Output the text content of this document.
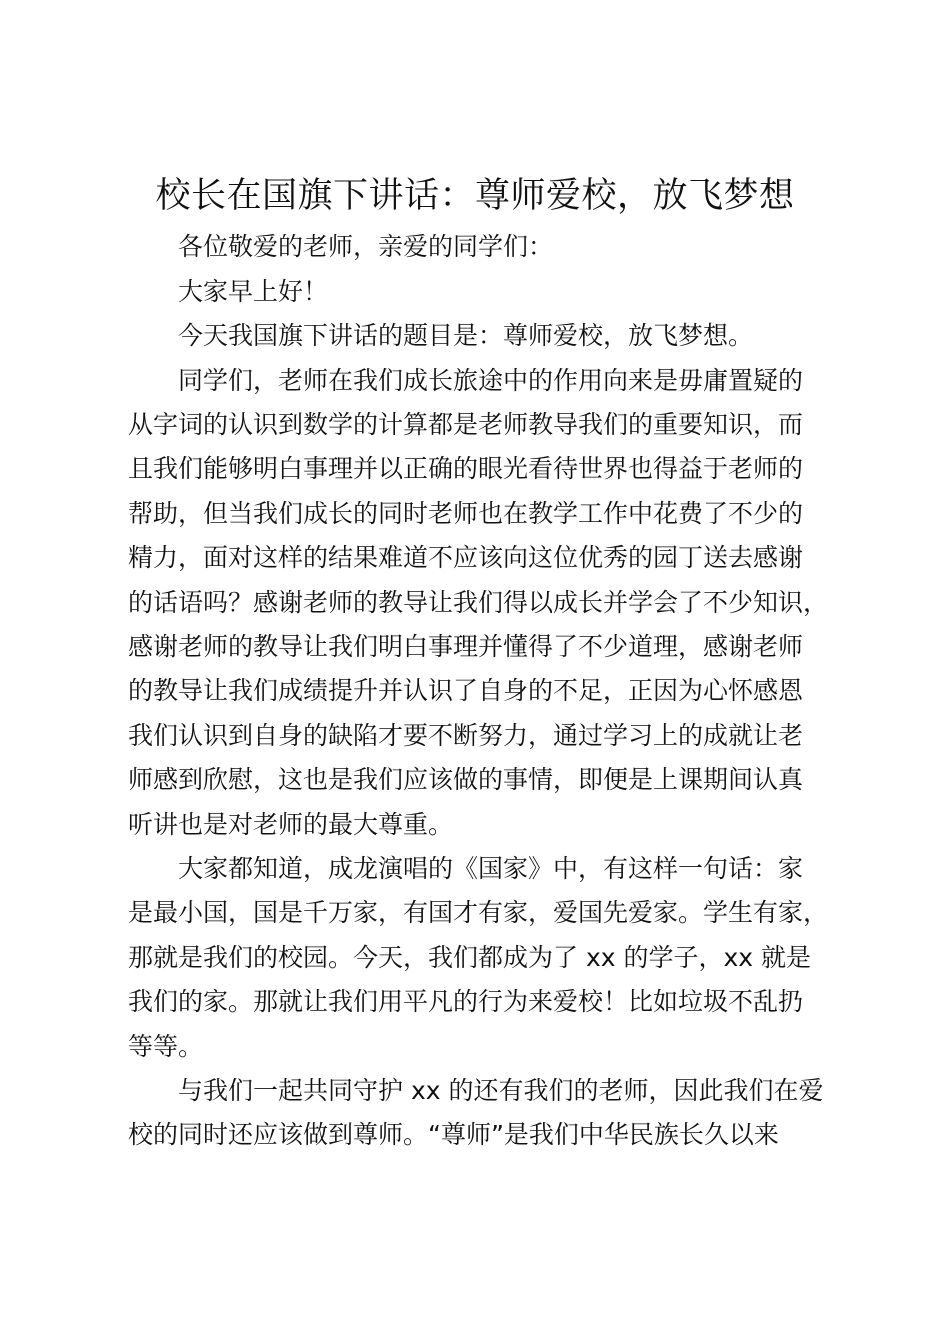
校长在国旗下讲话：尊师爱校，放飞梦想
各位敬爱的老师，亲爱的同学们：
大家早上好！
今天我国旗下讲话的题目是：尊师爱校，放飞梦想。
同学们，老师在我们成长旅途中的作用向来是毋庸置疑的
从字词的认识到数学的计算都是老师教导我们的重要知识，而
且我们能够明白事理并以正确的眼光看待世界也得益于老师的
帮助，但当我们成长的同时老师也在教学工作中花费了不少的
精力，面对这样的结果难道不应该向这位优秀的园丁送去感谢
的话语吗？感谢老师的教导让我们得以成长并学会了不少知识，
感谢老师的教导让我们明白事理并懂得了不少道理，感谢老师
的教导让我们成绩提升并认识了自身的不足，正因为心怀感恩
我们认识到自身的缺陷才要不断努力，通过学习上的成就让老
师感到欣慰，这也是我们应该做的事情，即便是上课期间认真
听讲也是对老师的最大尊重。
大家都知道，成龙演唱的《国家》中，有这样一句话：家
是最小国，国是千万家，有国才有家，爱国先爱家。学生有家，
那就是我们的校园。今天，我们都成为了 xx 的学子，xx 就是
我们的家。那就让我们用平凡的行为来爱校！比如垃圾不乱扔
等等。
与我们一起共同守护 xx 的还有我们的老师，因此我们在爱
校的同时还应该做到尊师。“尊师”是我们中华民族长久以来
